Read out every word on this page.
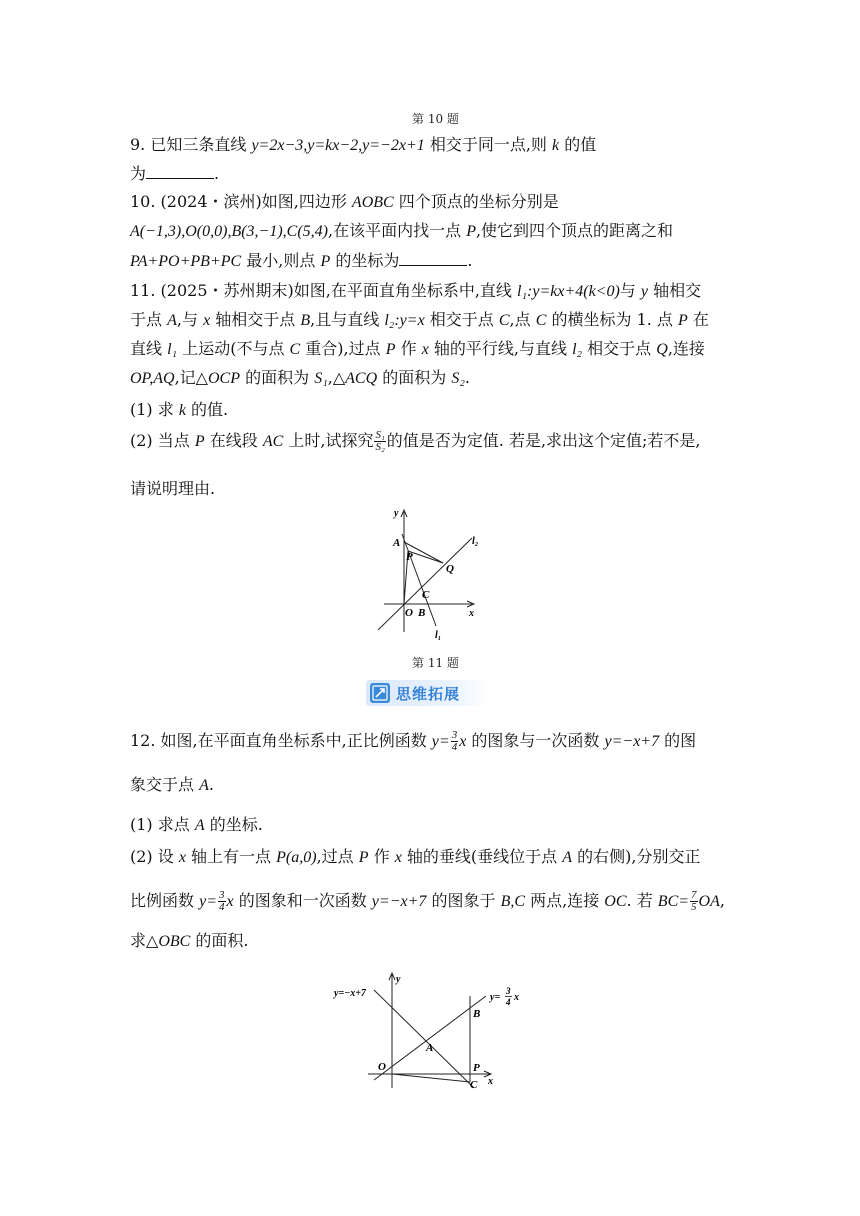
第 10 题
9. 已知三条直线 y=2x−3,y=kx−2,y=−2x+1 相交于同一点,则 k 的值
为	.
10. (2024・滨州)如图,四边形 AOBC 四个顶点的坐标分别是
A(−1,3),O(0,0),B(3,−1),C(5,4),在该平面内找一点 P,使它到四个顶点的距离之和
PA+PO+PB+PC 最小,则点 P 的坐标为	.
11. (2025・苏州期末)如图,在平面直角坐标系中,直线 l₁:y=kx+4(k<0)与 y 轴相交
于点 A,与 x 轴相交于点 B,且与直线 l₂:y=x 相交于点 C,点 C 的横坐标为 1. 点 P 在
直线 l₁ 上运动(不与点 C 重合),过点 P 作 x 轴的平行线,与直线 l₂ 相交于点 Q,连接
OP,AQ,记△OCP 的面积为 S₁,△ACQ 的面积为 S₂.
(1) 求 k 的值.
(2) 当点 P 在线段 AC 上时,试探究 $\frac{\text{S₁}}{\text{S₂}}$ 的值是否为定值. 若是,求出这个定值;若不是,
请说明理由.
A
P
Q
C
O B	x
y
l₁
l₂
第 11 题
思维拓展
12. 如图,在平面直角坐标系中,正比例函数 $y= \frac{3}{4}$ x 的图象与一次函数 y=−x+7 的图
象交于点 A.
(1) 求点 A 的坐标.
(2) 设 x 轴上有一点 P(a,0),过点 P 作 x 轴的垂线(垂线位于点 A 的右侧),分别交正
比例函数 $y= \frac{3}{4}$ x 的图象和一次函数 y=−x+7 的图象于 B,C 两点,连接 OC. 若 $BC= \frac{7}{5}$ OA,
求△OBC 的面积.
y=−x+7	y=
3
4 x
A
B
O	P
C x
y
